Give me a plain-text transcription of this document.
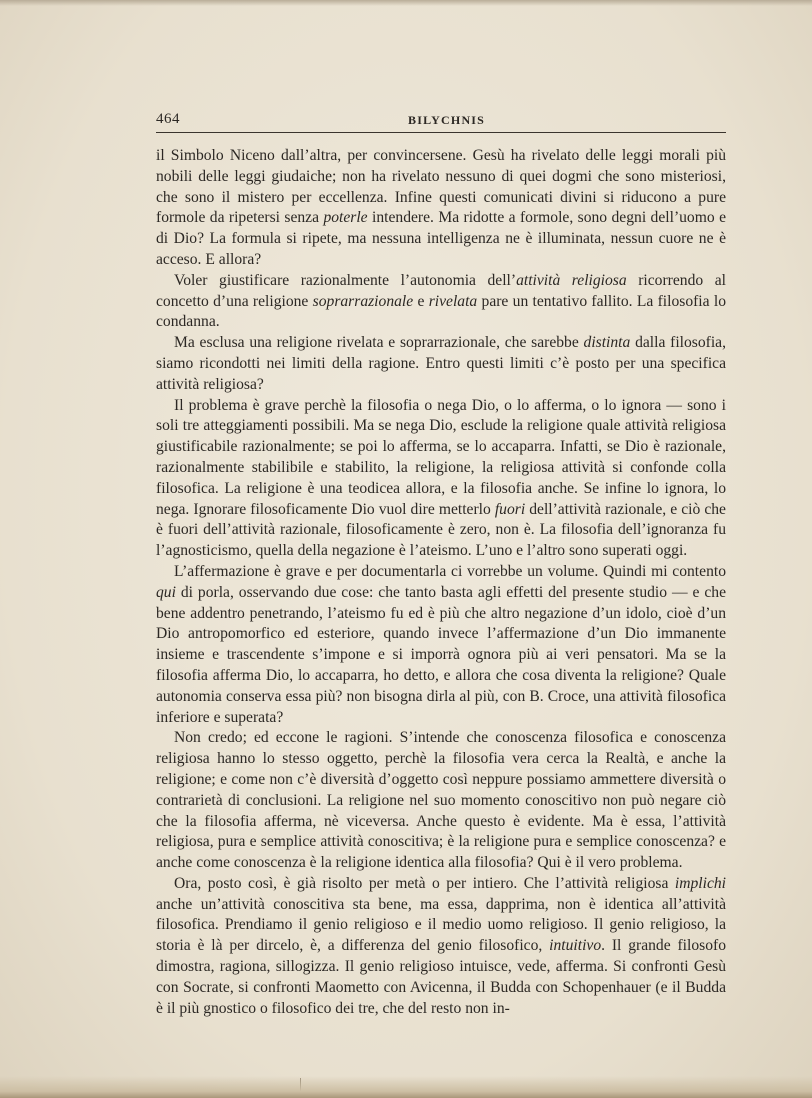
464	BILYCHNIS

il Simbolo Niceno dall’altra, per convincersene. Gesù ha rivelato delle leggi morali più nobili delle leggi giudaiche; non ha rivelato nessuno di quei dogmi che sono misteriosi, che sono il mistero per eccellenza. Infine questi comunicati divini si riducono a pure formole da ripetersi senza poterle intendere. Ma ridotte a formole, sono degni dell’uomo e di Dio? La formula si ripete, ma nessuna intelligenza ne è illuminata, nessun cuore ne è acceso. E allora?

Voler giustificare razionalmente l’autonomia dell’attività religiosa ricorrendo al concetto d’una religione soprarrazionale e rivelata pare un tentativo fallito. La filosofia lo condanna.

Ma esclusa una religione rivelata e soprarrazionale, che sarebbe distinta dalla filosofia, siamo ricondotti nei limiti della ragione. Entro questi limiti c’è posto per una specifica attività religiosa?

Il problema è grave perchè la filosofia o nega Dio, o lo afferma, o lo ignora — sono i soli tre atteggiamenti possibili. Ma se nega Dio, esclude la religione quale attività religiosa giustificabile razionalmente; se poi lo afferma, se lo accaparra. Infatti, se Dio è razionale, razionalmente stabilibile e stabilito, la religione, la religiosa attività si confonde colla filosofica. La religione è una teodicea allora, e la filosofia anche. Se infine lo ignora, lo nega. Ignorare filosoficamente Dio vuol dire metterlo fuori dell’attività razionale, e ciò che è fuori dell’attività razionale, filosoficamente è zero, non è. La filosofia dell’ignoranza fu l’agnosticismo, quella della negazione è l’ateismo. L’uno e l’altro sono superati oggi.

L’affermazione è grave e per documentarla ci vorrebbe un volume. Quindi mi contento qui di porla, osservando due cose: che tanto basta agli effetti del presente studio — e che bene addentro penetrando, l’ateismo fu ed è più che altro negazione d’un idolo, cioè d’un Dio antropomorfico ed esteriore, quando invece l’affermazione d’un Dio immanente insieme e trascendente s’impone e si imporrà ognora più ai veri pensatori. Ma se la filosofia afferma Dio, lo accaparra, ho detto, e allora che cosa diventa la religione? Quale autonomia conserva essa più? non bisogna dirla al più, con B. Croce, una attività filosofica inferiore e superata?

Non credo; ed eccone le ragioni. S’intende che conoscenza filosofica e conoscenza religiosa hanno lo stesso oggetto, perchè la filosofia vera cerca la Realtà, e anche la religione; e come non c’è diversità d’oggetto così neppure possiamo ammettere diversità o contrarietà di conclusioni. La religione nel suo momento conoscitivo non può negare ciò che la filosofia afferma, nè viceversa. Anche questo è evidente. Ma è essa, l’attività religiosa, pura e semplice attività conoscitiva; è la religione pura e semplice conoscenza? e anche come conoscenza è la religione identica alla filosofia? Qui è il vero problema.

Ora, posto così, è già risolto per metà o per intiero. Che l’attività religiosa implichi anche un’attività conoscitiva sta bene, ma essa, dapprima, non è identica all’attività filosofica. Prendiamo il genio religioso e il medio uomo religioso. Il genio religioso, la storia è là per dircelo, è, a differenza del genio filosofico, intuitivo. Il grande filosofo dimostra, ragiona, sillogizza. Il genio religioso intuisce, vede, afferma. Si confronti Gesù con Socrate, si confronti Maometto con Avicenna, il Budda con Schopenhauer (e il Budda è il più gnostico o filosofico dei tre, che del resto non in-
